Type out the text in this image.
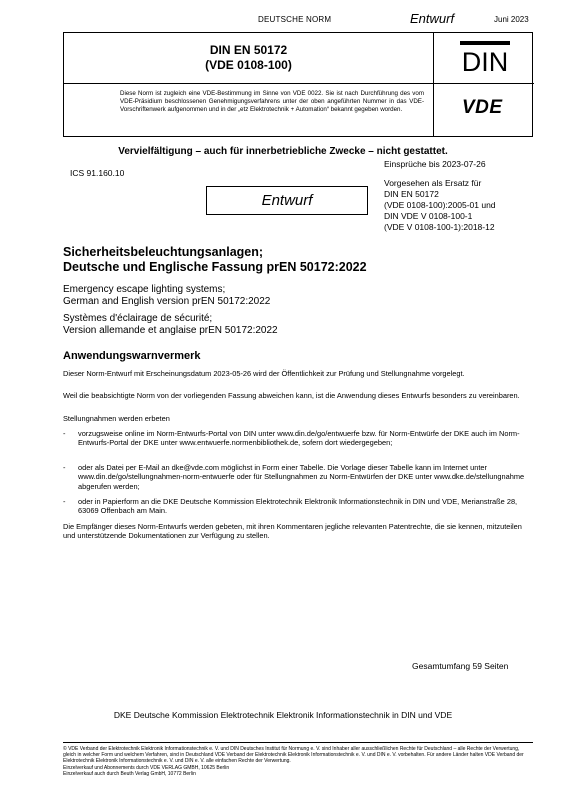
DEUTSCHE NORM	Entwurf	Juni 2023
DIN EN 50172
(VDE 0108-100)
Diese Norm ist zugleich eine VDE-Bestimmung im Sinne von VDE 0022. Sie ist nach Durchführung des vom VDE-Präsidium beschlossenen Genehmigungsverfahrens unter der oben angeführten Nummer in das VDE-Vorschriftenwerk aufgenommen und in der „etz Elektrotechnik + Automation“ bekannt gegeben worden.
DIN
VDE
Vervielfältigung – auch für innerbetriebliche Zwecke – nicht gestattet.
Einsprüche bis 2023-07-26
ICS 91.160.10
Vorgesehen als Ersatz für
DIN EN 50172
(VDE 0108-100):2005-01 und
DIN VDE V 0108-100-1
(VDE V 0108-100-1):2018-12
Entwurf
Sicherheitsbeleuchtungsanlagen;
Deutsche und Englische Fassung prEN 50172:2022
Emergency escape lighting systems;
German and English version prEN 50172:2022
Systèmes d'éclairage de sécurité;
Version allemande et anglaise prEN 50172:2022
Anwendungswarnvermerk
Dieser Norm-Entwurf mit Erscheinungsdatum 2023-05-26 wird der Öffentlichkeit zur Prüfung und Stellungnahme vorgelegt.
Weil die beabsichtigte Norm von der vorliegenden Fassung abweichen kann, ist die Anwendung dieses Entwurfs besonders zu vereinbaren.
Stellungnahmen werden erbeten
- vorzugsweise online im Norm-Entwurfs-Portal von DIN unter www.din.de/go/entwuerfe bzw. für Norm-Entwürfe der DKE auch im Norm-Entwurfs-Portal der DKE unter www.entwuerfe.normenbibliothek.de, sofern dort wiedergegeben;
- oder als Datei per E-Mail an dke@vde.com möglichst in Form einer Tabelle. Die Vorlage dieser Tabelle kann im Internet unter www.din.de/go/stellungnahmen-norm-entwuerfe oder für Stellungnahmen zu Norm-Entwürfen der DKE unter www.dke.de/stellungnahme abgerufen werden;
- oder in Papierform an die DKE Deutsche Kommission Elektrotechnik Elektronik Informationstechnik in DIN und VDE, Merianstraße 28, 63069 Offenbach am Main.
Die Empfänger dieses Norm-Entwurfs werden gebeten, mit ihren Kommentaren jegliche relevanten Patentrechte, die sie kennen, mitzuteilen und unterstützende Dokumentationen zur Verfügung zu stellen.
Gesamtumfang 59 Seiten
DKE Deutsche Kommission Elektrotechnik Elektronik Informationstechnik in DIN und VDE
© VDE Verband der Elektrotechnik Elektronik Informationstechnik e. V. und DIN Deutsches Institut für Normung e. V. sind Inhaber aller ausschließlichen Rechte für Deutschland – alle Rechte der Verwertung, gleich in welcher Form und welchem Verfahren, sind in Deutschland VDE Verband der Elektrotechnik Elektronik Informationstechnik e. V. und DIN e. V. vorbehalten. Für andere Länder halten VDE Verband der Elektrotechnik Elektronik Informationstechnik e. V. und DIN e. V. alle einfachen Rechte der Verwertung.
Einzelverkauf und Abonnements durch VDE VERLAG GMBH, 10625 Berlin
Einzelverkauf auch durch Beuth Verlag GmbH, 10772 Berlin
